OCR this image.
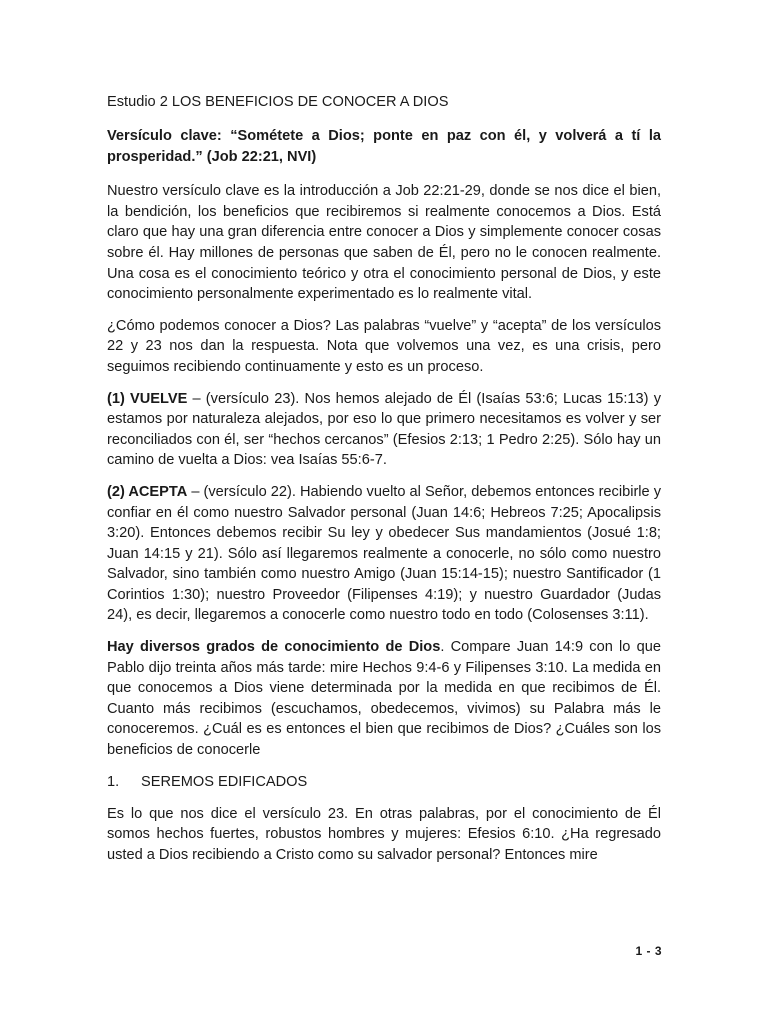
Estudio 2 LOS BENEFICIOS DE CONOCER A DIOS

Versículo clave: “Sométete a Dios; ponte en paz con él, y volverá a tí la prosperidad.” (Job 22:21, NVI)

Nuestro versículo clave es la introducción a Job 22:21-29, donde se nos dice el bien, la bendición, los beneficios que recibiremos si realmente conocemos a Dios. Está claro que hay una gran diferencia entre conocer a Dios y simplemente conocer cosas sobre él. Hay millones de personas que saben de Él, pero no le conocen realmente. Una cosa es el conocimiento teórico y otra el conocimiento personal de Dios, y este conocimiento personalmente experimentado es lo realmente vital.

¿Cómo podemos conocer a Dios? Las palabras “vuelve” y “acepta” de los versículos 22 y 23 nos dan la respuesta. Nota que volvemos una vez, es una crisis, pero seguimos recibiendo continuamente y esto es un proceso.

(1) VUELVE – (versículo 23). Nos hemos alejado de Él (Isaías 53:6; Lucas 15:13) y estamos por naturaleza alejados, por eso lo que primero necesitamos es volver y ser reconciliados con él, ser “hechos cercanos” (Efesios 2:13; 1 Pedro 2:25). Sólo hay un camino de vuelta a Dios: vea Isaías 55:6-7.

(2) ACEPTA – (versículo 22). Habiendo vuelto al Señor, debemos entonces recibirle y confiar en él como nuestro Salvador personal (Juan 14:6; Hebreos 7:25; Apocalipsis 3:20). Entonces debemos recibir Su ley y obedecer Sus mandamientos (Josué 1:8; Juan 14:15 y 21). Sólo así llegaremos realmente a conocerle, no sólo como nuestro Salvador, sino también como nuestro Amigo (Juan 15:14-15); nuestro Santificador (1 Corintios 1:30); nuestro Proveedor (Filipenses 4:19); y nuestro Guardador (Judas 24), es decir, llegaremos a conocerle como nuestro todo en todo (Colosenses 3:11).

Hay diversos grados de conocimiento de Dios. Compare Juan 14:9 con lo que Pablo dijo treinta años más tarde: mire Hechos 9:4-6 y Filipenses 3:10. La medida en que conocemos a Dios viene determinada por la medida en que recibimos de Él. Cuanto más recibimos (escuchamos, obedecemos, vivimos) su Palabra más le conoceremos. ¿Cuál es es entonces el bien que recibimos de Dios? ¿Cuáles son los beneficios de conocerle

1. SEREMOS EDIFICADOS

Es lo que nos dice el versículo 23. En otras palabras, por el conocimiento de Él somos hechos fuertes, robustos hombres y mujeres: Efesios 6:10. ¿Ha regresado usted a Dios recibiendo a Cristo como su salvador personal? Entonces mire

1 - 3
